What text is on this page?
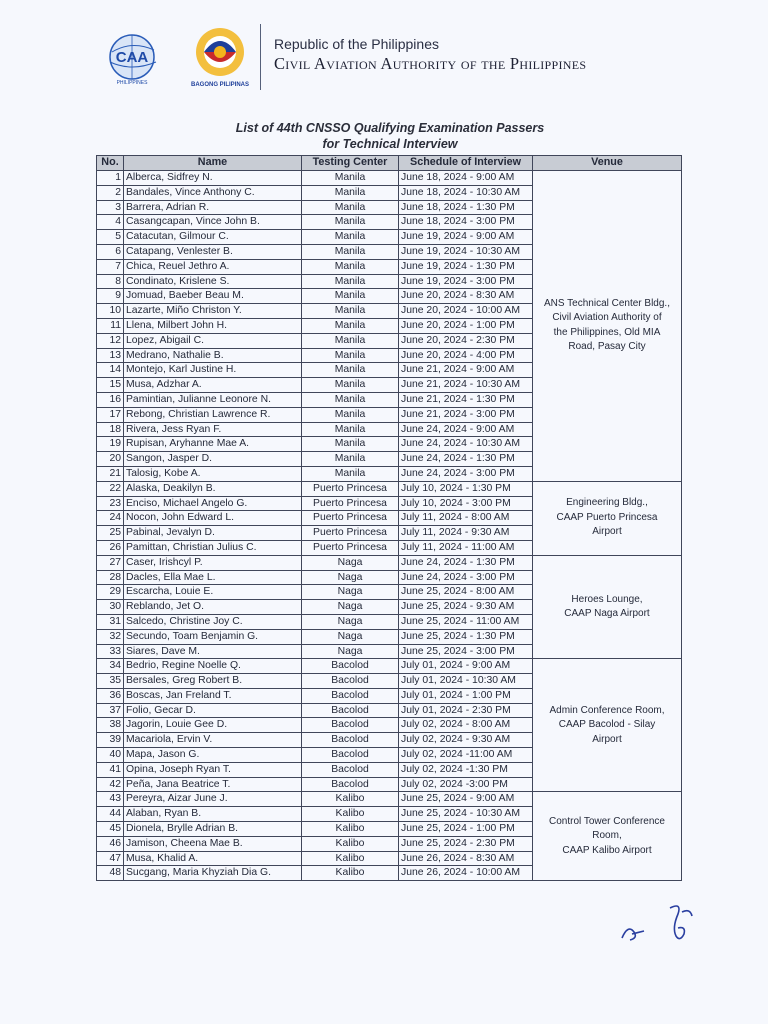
CAA
PHILIPPINES	BAGONG PILIPINAS
Republic of the Philippines
Civil Aviation Authority of the Philippines
List of 44th CNSSO Qualifying Examination Passers
for Technical Interview
No.	Name	Testing Center	Schedule of Interview	Venue
1	Alberca, Sidfrey N.	Manila	June 18, 2024 - 9:00 AM	ANS Technical Center Bldg.,
Civil Aviation Authority of
the Philippines, Old MIA
Road, Pasay City

2	Bandales, Vince Anthony C.	Manila	June 18, 2024 - 10:30 AM	
3	Barrera, Adrian R.	Manila	June 18, 2024 - 1:30 PM	
4	Casangcapan, Vince John B.	Manila	June 18, 2024 - 3:00 PM	
5	Catacutan, Gilmour C.	Manila	June 19, 2024 - 9:00 AM	
6	Catapang, Venlester B.	Manila	June 19, 2024 - 10:30 AM	
7	Chica, Reuel Jethro A.	Manila	June 19, 2024 - 1:30 PM	
8	Condinato, Krislene S.	Manila	June 19, 2024 - 3:00 PM	
9	Jomuad, Baeber Beau M.	Manila	June 20, 2024 - 8:30 AM	
10	Lazarte, Miño Christon Y.	Manila	June 20, 2024 - 10:00 AM	
11	Llena, Milbert John H.	Manila	June 20, 2024 - 1:00 PM	
12	Lopez, Abigail C.	Manila	June 20, 2024 - 2:30 PM	
13	Medrano, Nathalie B.	Manila	June 20, 2024 - 4:00 PM	
14	Montejo, Karl Justine H.	Manila	June 21, 2024 - 9:00 AM	
15	Musa, Adzhar A.	Manila	June 21, 2024 - 10:30 AM	
16	Pamintian, Julianne Leonore N.	Manila	June 21, 2024 - 1:30 PM	
17	Rebong, Christian Lawrence R.	Manila	June 21, 2024 - 3:00 PM	
18	Rivera, Jess Ryan F.	Manila	June 24, 2024 - 9:00 AM	
19	Rupisan, Aryhanne Mae A.	Manila	June 24, 2024 - 10:30 AM	
20	Sangon, Jasper D.	Manila	June 24, 2024 - 1:30 PM	
21	Talosig, Kobe A.	Manila	June 24, 2024 - 3:00 PM	
22	Alaska, Deakilyn B.	Puerto Princesa	July 10, 2024 - 1:30 PM	Engineering Bldg.,
CAAP Puerto Princesa
Airport

23	Enciso, Michael Angelo G.	Puerto Princesa	July 10, 2024 - 3:00 PM	
24	Nocon, John Edward L.	Puerto Princesa	July 11, 2024 - 8:00 AM	
25	Pabinal, Jevalyn D.	Puerto Princesa	July 11, 2024 - 9:30 AM	
26	Pamittan, Christian Julius C.	Puerto Princesa	July 11, 2024 - 11:00 AM	
27	Caser, Irishcyl P.	Naga	June 24, 2024 - 1:30 PM	Heroes Lounge,
CAAP Naga Airport

28	Dacles, Ella Mae L.	Naga	June 24, 2024 - 3:00 PM	
29	Escarcha, Louie E.	Naga	June 25, 2024 - 8:00 AM	
30	Reblando, Jet O.	Naga	June 25, 2024 - 9:30 AM	
31	Salcedo, Christine Joy C.	Naga	June 25, 2024 - 11:00 AM	
32	Secundo, Toam Benjamin G.	Naga	June 25, 2024 - 1:30 PM	
33	Siares, Dave M.	Naga	June 25, 2024 - 3:00 PM	
34	Bedrio, Regine Noelle Q.	Bacolod	July 01, 2024 - 9:00 AM	Admin Conference Room,
CAAP Bacolod - Silay
Airport

35	Bersales, Greg Robert B.	Bacolod	July 01, 2024 - 10:30 AM	
36	Boscas, Jan Freland T.	Bacolod	July 01, 2024 - 1:00 PM	
37	Folio, Gecar D.	Bacolod	July 01, 2024 - 2:30 PM	
38	Jagorin, Louie Gee D.	Bacolod	July 02, 2024 - 8:00 AM	
39	Macariola, Ervin V.	Bacolod	July 02, 2024 - 9:30 AM	
40	Mapa, Jason G.	Bacolod	July 02, 2024 -11:00 AM	
41	Opina, Joseph Ryan T.	Bacolod	July 02, 2024 -1:30 PM	
42	Peña, Jana Beatrice T.	Bacolod	July 02, 2024 -3:00 PM	
43	Pereyra, Aizar June J.	Kalibo	June 25, 2024 - 9:00 AM	Control Tower Conference
Room,
CAAP Kalibo Airport

44	Alaban, Ryan B.	Kalibo	June 25, 2024 - 10:30 AM	
45	Dionela, Brylle Adrian B.	Kalibo	June 25, 2024 - 1:00 PM	
46	Jamison, Cheena Mae B.	Kalibo	June 25, 2024 - 2:30 PM	
47	Musa, Khalid A.	Kalibo	June 26, 2024 - 8:30 AM	
48	Sucgang, Maria Khyziah Dia G.	Kalibo	June 26, 2024 - 10:00 AM	
